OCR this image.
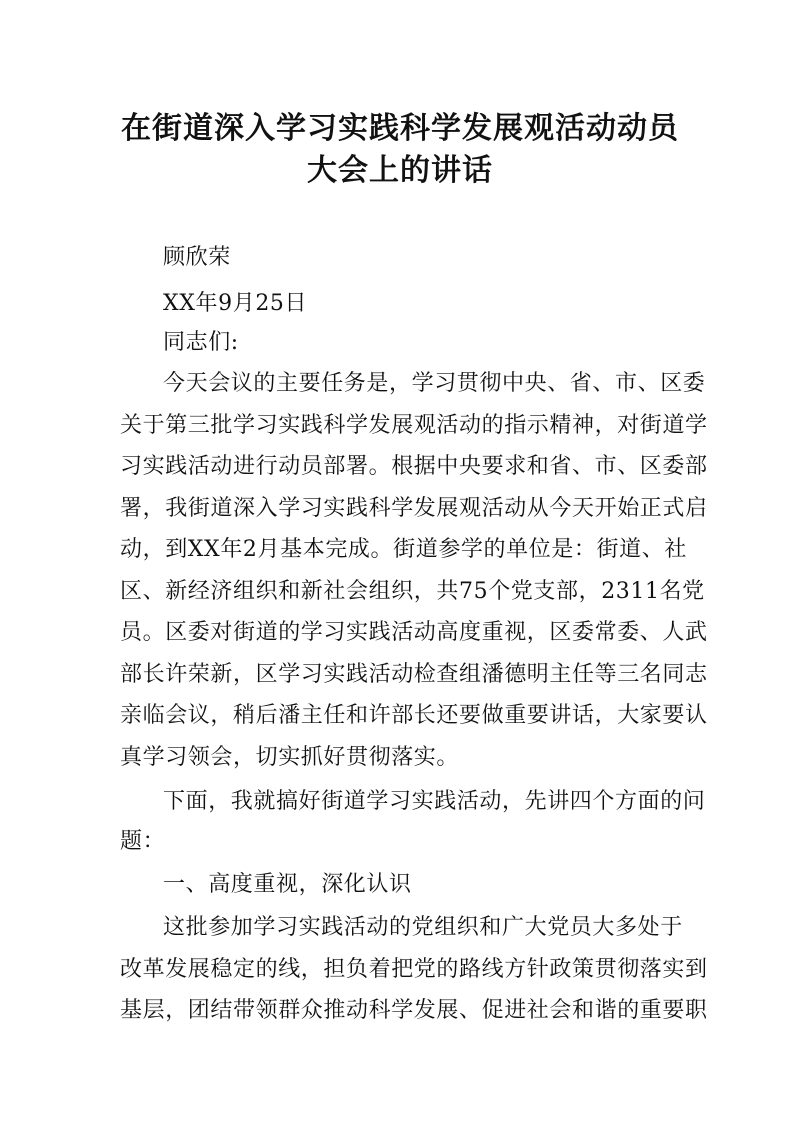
在街道深入学习实践科学发展观活动动员
大会上的讲话

顾欣荣

XX年9月25日

同志们:

今天会议的主要任务是，学习贯彻中央、省、市、区委

关于第三批学习实践科学发展观活动的指示精神，对街道学

习实践活动进行动员部署。根据中央要求和省、市、区委部

署，我街道深入学习实践科学发展观活动从今天开始正式启

动，到XX年2月基本完成。街道参学的单位是：街道、社

区、新经济组织和新社会组织，共75个党支部，2311名党

员。区委对街道的学习实践活动高度重视，区委常委、人武

部长许荣新，区学习实践活动检查组潘德明主任等三名同志

亲临会议，稍后潘主任和许部长还要做重要讲话，大家要认

真学习领会，切实抓好贯彻落实。

下面，我就搞好街道学习实践活动，先讲四个方面的问

题：

一、高度重视，深化认识

这批参加学习实践活动的党组织和广大党员大多处于

改革发展稳定的线，担负着把党的路线方针政策贯彻落实到

基层，团结带领群众推动科学发展、促进社会和谐的重要职
